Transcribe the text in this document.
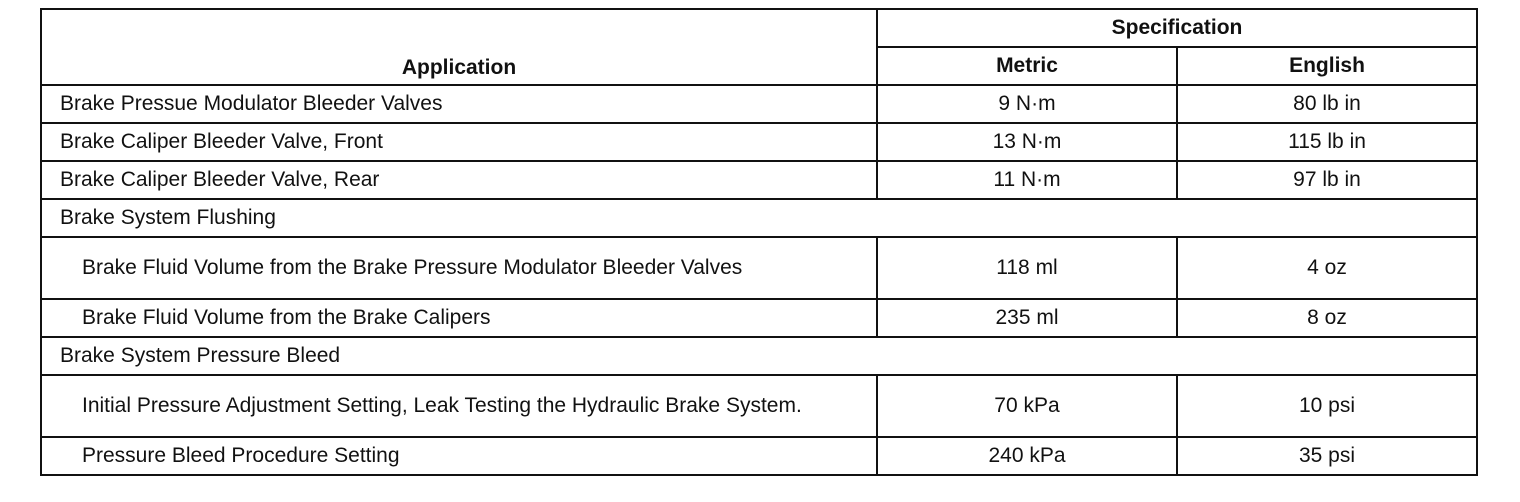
Application	Specification	
	Metric	English
Brake Pressue Modulator Bleeder Valves	9 N·m	80 lb in
Brake Caliper Bleeder Valve, Front	13 N·m	115 lb in
Brake Caliper Bleeder Valve, Rear	11 N·m	97 lb in
Brake System Flushing		
Brake Fluid Volume from the Brake Pressure Modulator Bleeder Valves	118 ml	4 oz
Brake Fluid Volume from the Brake Calipers	235 ml	8 oz
Brake System Pressure Bleed		
Initial Pressure Adjustment Setting, Leak Testing the Hydraulic Brake System.	70 kPa	10 psi
Pressure Bleed Procedure Setting	240 kPa	35 psi
